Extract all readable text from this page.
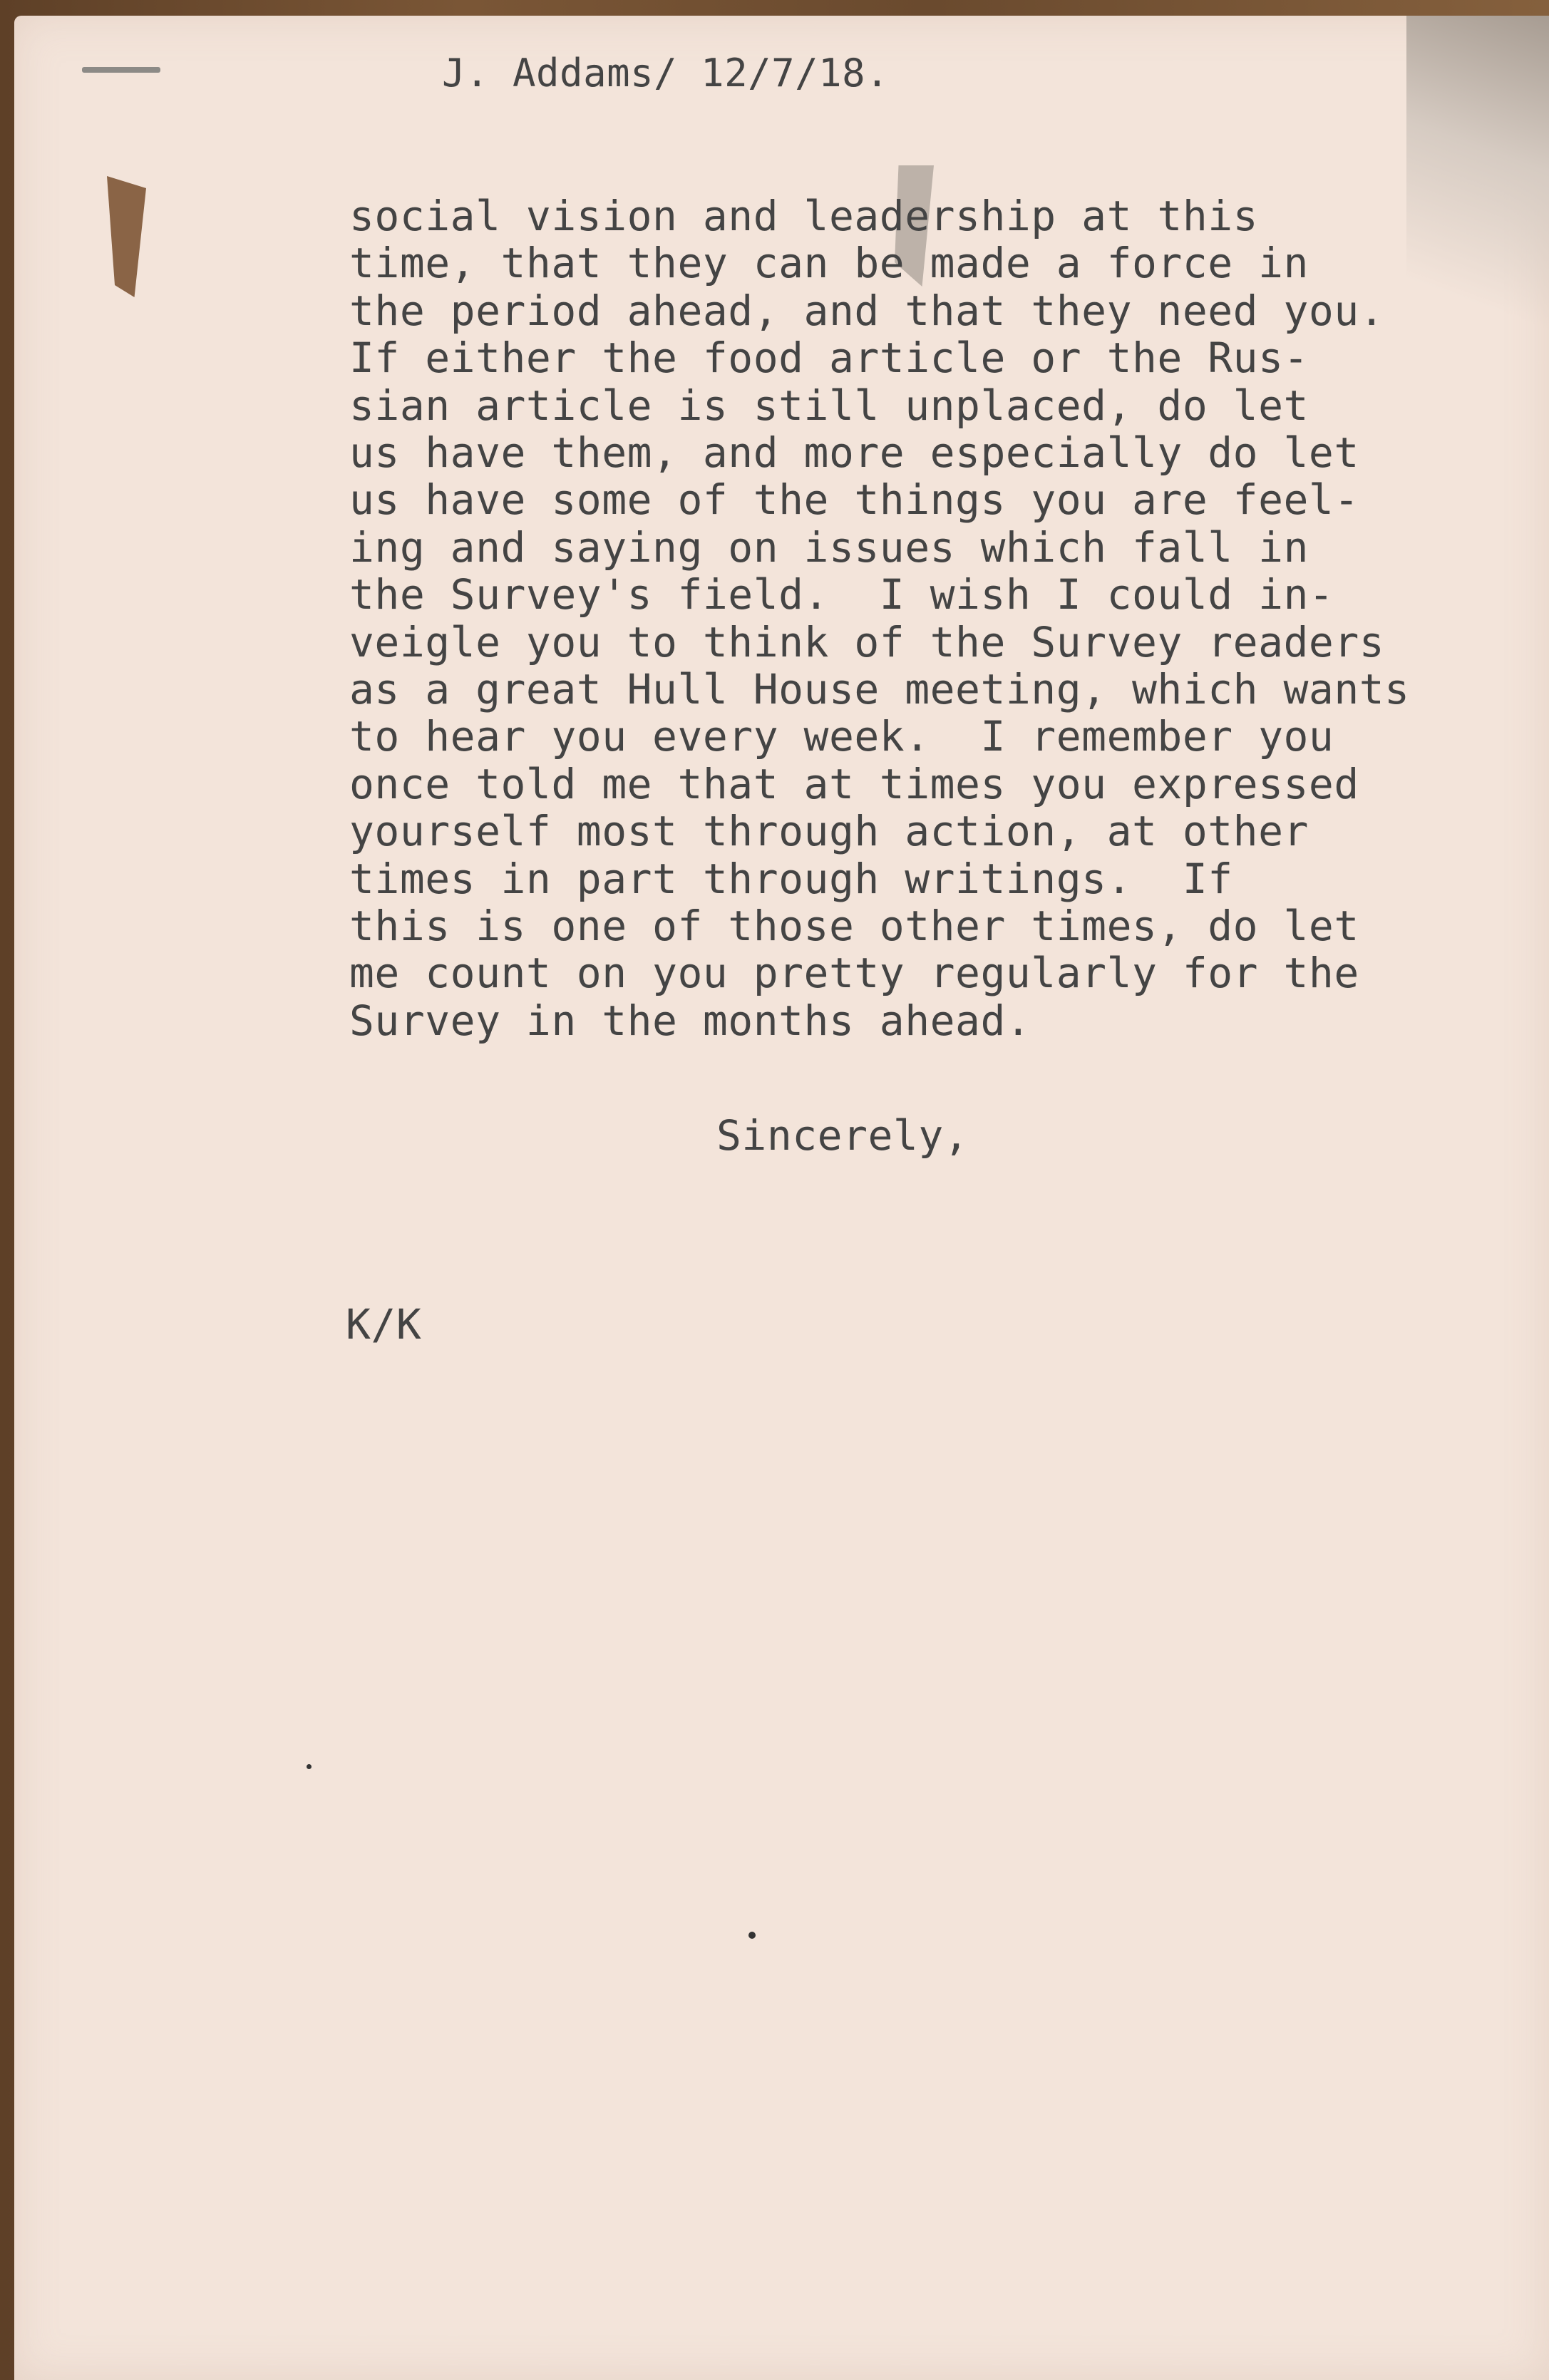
J. Addams/ 12/7/18.
social vision and leadership at this
time, that they can be made a force in
the period ahead, and that they need you.
If either the food article or the Rus-
sian article is still unplaced, do let
us have them, and more especially do let
us have some of the things you are feel-
ing and saying on issues which fall in
the Survey's field.  I wish I could in-
veigle you to think of the Survey readers
as a great Hull House meeting, which wants
to hear you every week.  I remember you
once told me that at times you expressed
yourself most through action, at other
times in part through writings.  If
this is one of those other times, do let
me count on you pretty regularly for the
Survey in the months ahead.
Sincerely,
K/K
